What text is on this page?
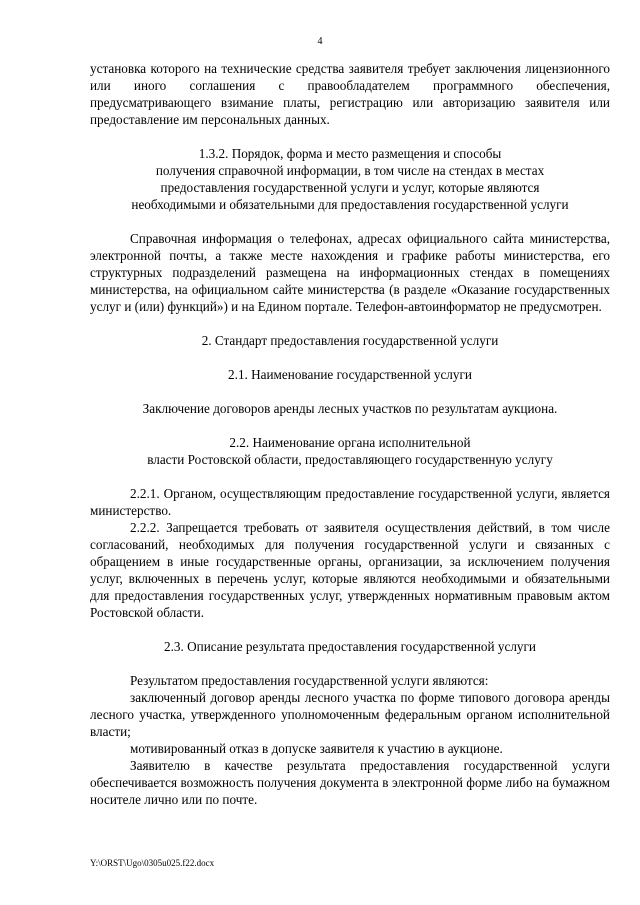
4

установка которого на технические средства заявителя требует заключения лицензионного или иного соглашения с правообладателем программного обеспечения, предусматривающего взимание платы, регистрацию или авторизацию заявителя или предоставление им персональных данных.

1.3.2. Порядок, форма и место размещения и способы

получения справочной информации, в том числе на стендах в местах

предоставления государственной услуги и услуг, которые являются

необходимыми и обязательными для предоставления государственной услуги

Справочная информация о телефонах, адресах официального сайта министерства, электронной почты, а также месте нахождения и графике работы министерства, его структурных подразделений размещена на информационных стендах в помещениях министерства, на официальном сайте министерства (в разделе «Оказание государственных услуг и (или) функций») и на Едином портале. Телефон-автоинформатор не предусмотрен.

2. Стандарт предоставления государственной услуги

2.1. Наименование государственной услуги

Заключение договоров аренды лесных участков по результатам аукциона.

2.2. Наименование органа исполнительной

власти Ростовской области, предоставляющего государственную услугу

2.2.1. Органом, осуществляющим предоставление государственной услуги, является министерство.

2.2.2. Запрещается требовать от заявителя осуществления действий, в том числе согласований, необходимых для получения государственной услуги и связанных с обращением в иные государственные органы, организации, за исключением получения услуг, включенных в перечень услуг, которые являются необходимыми и обязательными для предоставления государственных услуг, утвержденных нормативным правовым актом Ростовской области.

2.3. Описание результата предоставления государственной услуги

Результатом предоставления государственной услуги являются:

заключенный договор аренды лесного участка по форме типового договора аренды лесного участка, утвержденного уполномоченным федеральным органом исполнительной власти;

мотивированный отказ в допуске заявителя к участию в аукционе.

Заявителю в качестве результата предоставления государственной услуги обеспечивается возможность получения документа в электронной форме либо на бумажном носителе лично или по почте.

Y:\ORST\Ugo\0305u025.f22.docx
